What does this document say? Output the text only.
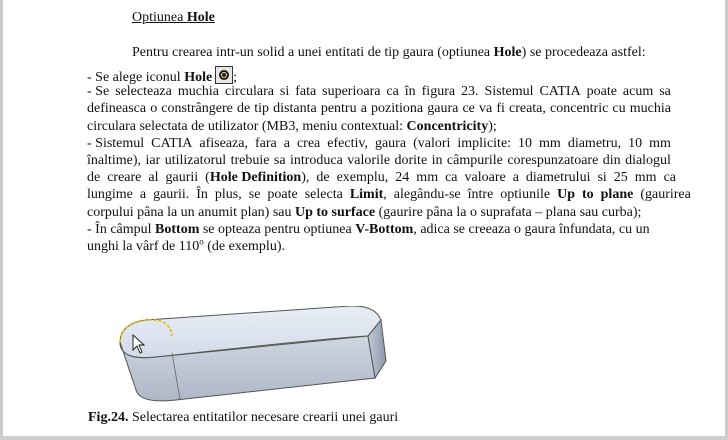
Optiunea Hole
Pentru crearea intr-un solid a unei entitati de tip gaura (optiunea Hole) se procedeaza astfel:
- Se alege iconul Hole ;
- Se selecteaza muchia circulara si fata superioara ca în figura 23. Sistemul CATIA poate acum sa
defineasca o constrângere de tip distanta pentru a pozitiona gaura ce va fi creata, concentric cu muchia
circulara selectata de utilizator (MB3, meniu contextual: Concentricity);
- Sistemul CATIA afiseaza, fara a crea efectiv, gaura (valori implicite: 10 mm diametru, 10 mm
înaltime), iar utilizatorul trebuie sa introduca valorile dorite in câmpurile corespunzatoare din dialogul
de  creare  al  gaurii  (Hole Definition),  de  exemplu,  24  mm  ca  valoare  a  diametrului  si  25  mm  ca
lungime  a  gaurii.  În  plus,  se  poate  selecta  Limit,  alegându-se  între  optiunile  Up  to  plane  (gaurirea
corpului pâna la un anumit plan) sau Up to surface (gaurire pâna la o suprafata – plana sau curba);
- În câmpul Bottom se opteaza pentru optiunea V-Bottom, adica se creeaza o gaura înfundata, cu un
unghi la vârf de 110$^o$ (de exemplu).
Fig.24. Selectarea entitatilor necesare crearii unei gauri
